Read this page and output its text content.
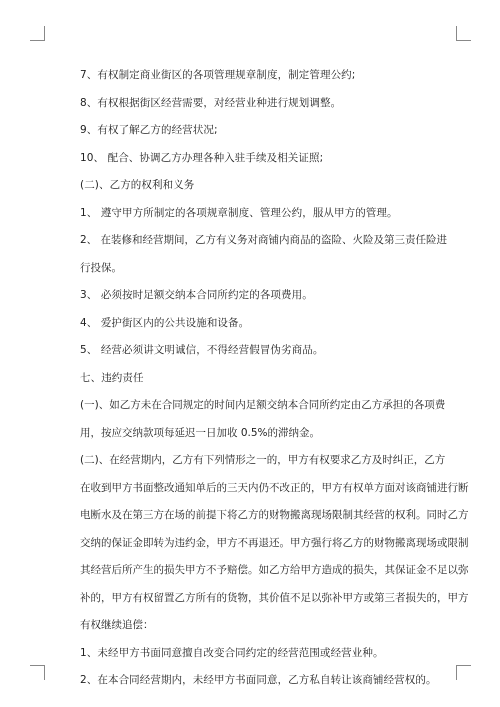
7、有权制定商业街区的各项管理规章制度，制定管理公约;

8、有权根据街区经营需要，对经营业种进行规划调整。

9、有权了解乙方的经营状况;

10、 配合、协调乙方办理各种入驻手续及相关证照;

(二)、乙方的权利和义务

1、 遵守甲方所制定的各项规章制度、管理公约，服从甲方的管理。

2、 在装修和经营期间，乙方有义务对商铺内商品的盗险、火险及第三责任险进
行投保。

3、 必须按时足额交纳本合同所约定的各项费用。

4、 爱护街区内的公共设施和设备。

5、 经营必须讲文明诚信，不得经营假冒伪劣商品。

七、违约责任

(一)、如乙方未在合同规定的时间内足额交纳本合同所约定由乙方承担的各项费
用，按应交纳款项每延迟一日加收 0.5%的滞纳金。
(二)、在经营期内，乙方有下列情形之一的，甲方有权要求乙方及时纠正，乙方
在收到甲方书面整改通知单后的三天内仍不改正的，甲方有权单方面对该商铺进行断
电断水及在第三方在场的前提下将乙方的财物搬离现场限制其经营的权利。同时乙方
交纳的保证金即转为违约金，甲方不再退还。甲方强行将乙方的财物搬离现场或限制
其经营后所产生的损失甲方不予赔偿。如乙方给甲方造成的损失，其保证金不足以弥
补的，甲方有权留置乙方所有的货物，其价值不足以弥补甲方或第三者损失的，甲方
有权继续追偿：

1、未经甲方书面同意擅自改变合同约定的经营范围或经营业种。

2、在本合同经营期内，未经甲方书面同意，乙方私自转让该商铺经营权的。
